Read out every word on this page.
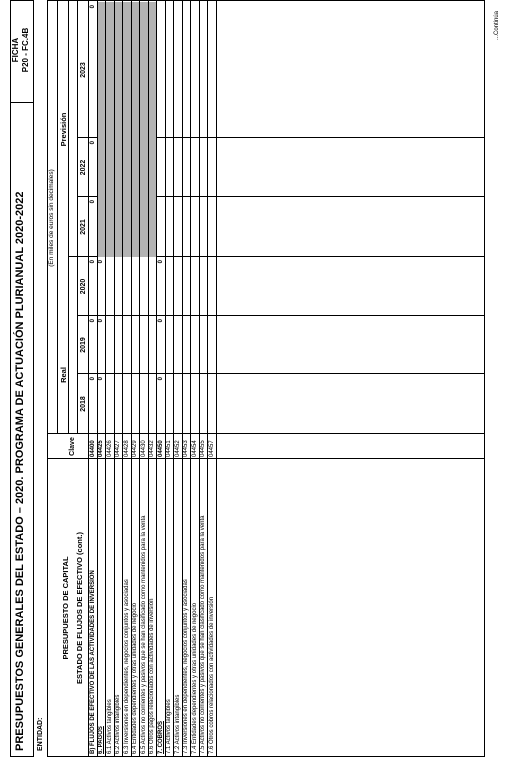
PRESUPUESTOS GENERALES DEL ESTADO – 2020. PROGRAMA DE ACTUACIÓN PLURIANUAL 2020-2022
FICHA P20 - FC.4B
ENTIDAD:
(En miles de euros sin decimales)
PRESUPUESTO DE CAPITAL ESTADO DE FLUJOS DE EFECTIVO (cont.)
Clave
Real
Previsión
2018
2019
2020
2021
2022
2023
B) FLUJOS DE EFECTIVO DE LAS ACTIVIDADES DE INVERSIÓN
04400
0
0
0
0
0
0
6. PAGOS
04425
0
0
0
6.1 Activos tangibles
04426
6.2 Activos intangibles
04427
6.3 Inversiones en dependientes, negocios conjuntos y asociadas
04428
6.4 Entidades dependientes y otras unidades de negocio
04429
6.5 Activos no corrientes y pasivos que se han clasificado como mantenidos para la venta
04430
6.6 Otros pagos relacionados con actividades de inversión
04432
7. COBROS
04450
0
0
0
7.1 Activos tangibles
04451
7.2 Activos intangibles
04452
7.3 Inversiones en dependientes, negocios conjuntos y asociadas
04453
7.4 Entidades dependientes y otras unidades de negocio
04454
7.5 Activos no corrientes y pasivos que se han clasificado como mantenidos para la venta
04455
7.6 Otros cobros relacionados con actividades de inversión
04457
...Continúa
